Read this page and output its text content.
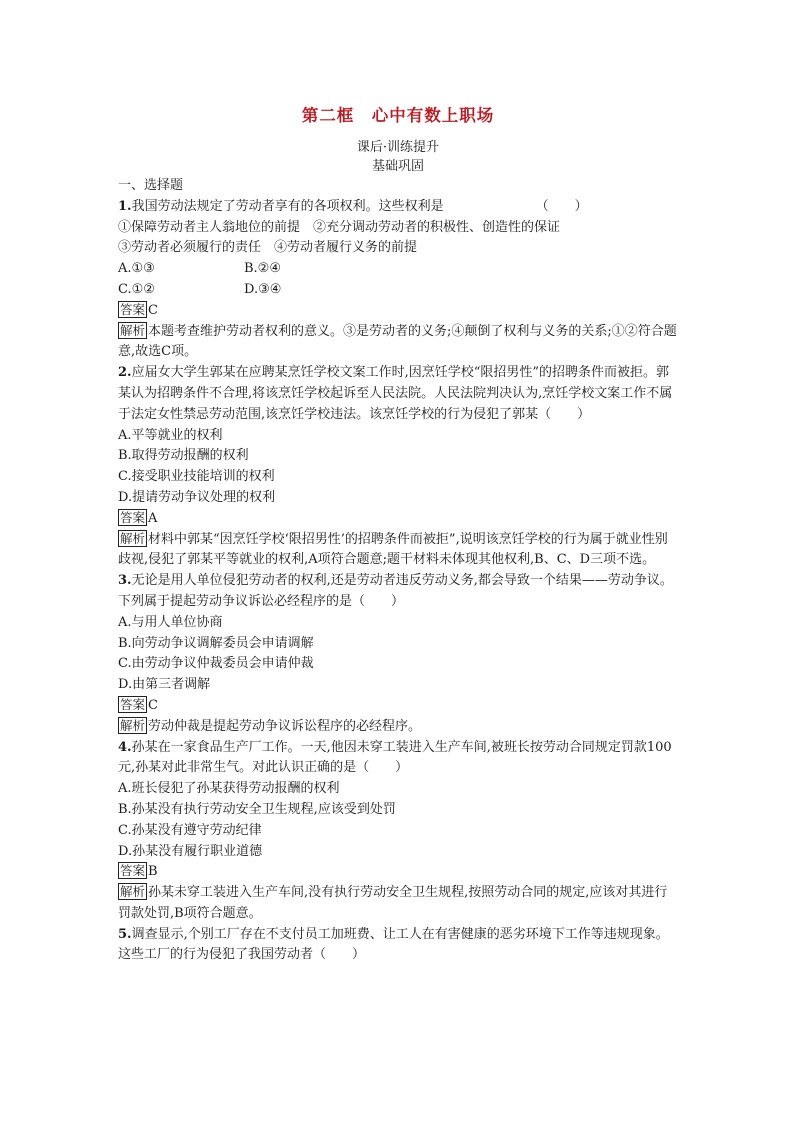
第二框　心中有数上职场
课后·训练提升
基础巩固
一、选择题
1.我国劳动法规定了劳动者享有的各项权利。这些权利是	（　　）
①保障劳动者主人翁地位的前提　②充分调动劳动者的积极性、创造性的保证
③劳动者必须履行的责任　④劳动者履行义务的前提
A.①③	B.②④
C.①②	D.③④
答案 C
解析 本题考查维护劳动者权利的意义。③是劳动者的义务;④颠倒了权利与义务的关系;①②符合题意,故选C项。
2.应届女大学生郭某在应聘某烹饪学校文案工作时,因烹饪学校“限招男性”的招聘条件而被拒。郭某认为招聘条件不合理,将该烹饪学校起诉至人民法院。人民法院判决认为,烹饪学校文案工作不属于法定女性禁忌劳动范围,该烹饪学校违法。该烹饪学校的行为侵犯了郭某（　　）
A.平等就业的权利
B.取得劳动报酬的权利
C.接受职业技能培训的权利
D.提请劳动争议处理的权利
答案 A
解析 材料中郭某“因烹饪学校‘限招男性’的招聘条件而被拒”,说明该烹饪学校的行为属于就业性别歧视,侵犯了郭某平等就业的权利,A项符合题意;题干材料未体现其他权利,B、C、D三项不选。
3.无论是用人单位侵犯劳动者的权利,还是劳动者违反劳动义务,都会导致一个结果——劳动争议。下列属于提起劳动争议诉讼必经程序的是（　　）
A.与用人单位协商
B.向劳动争议调解委员会申请调解
C.由劳动争议仲裁委员会申请仲裁
D.由第三者调解
答案 C
解析 劳动仲裁是提起劳动争议诉讼程序的必经程序。
4.孙某在一家食品生产厂工作。一天,他因未穿工装进入生产车间,被班长按劳动合同规定罚款100元,孙某对此非常生气。对此认识正确的是（　　）
A.班长侵犯了孙某获得劳动报酬的权利
B.孙某没有执行劳动安全卫生规程,应该受到处罚
C.孙某没有遵守劳动纪律
D.孙某没有履行职业道德
答案 B
解析 孙某未穿工装进入生产车间,没有执行劳动安全卫生规程,按照劳动合同的规定,应该对其进行罚款处罚,B项符合题意。
5.调查显示,个别工厂存在不支付员工加班费、让工人在有害健康的恶劣环境下工作等违规现象。这些工厂的行为侵犯了我国劳动者（　　）
